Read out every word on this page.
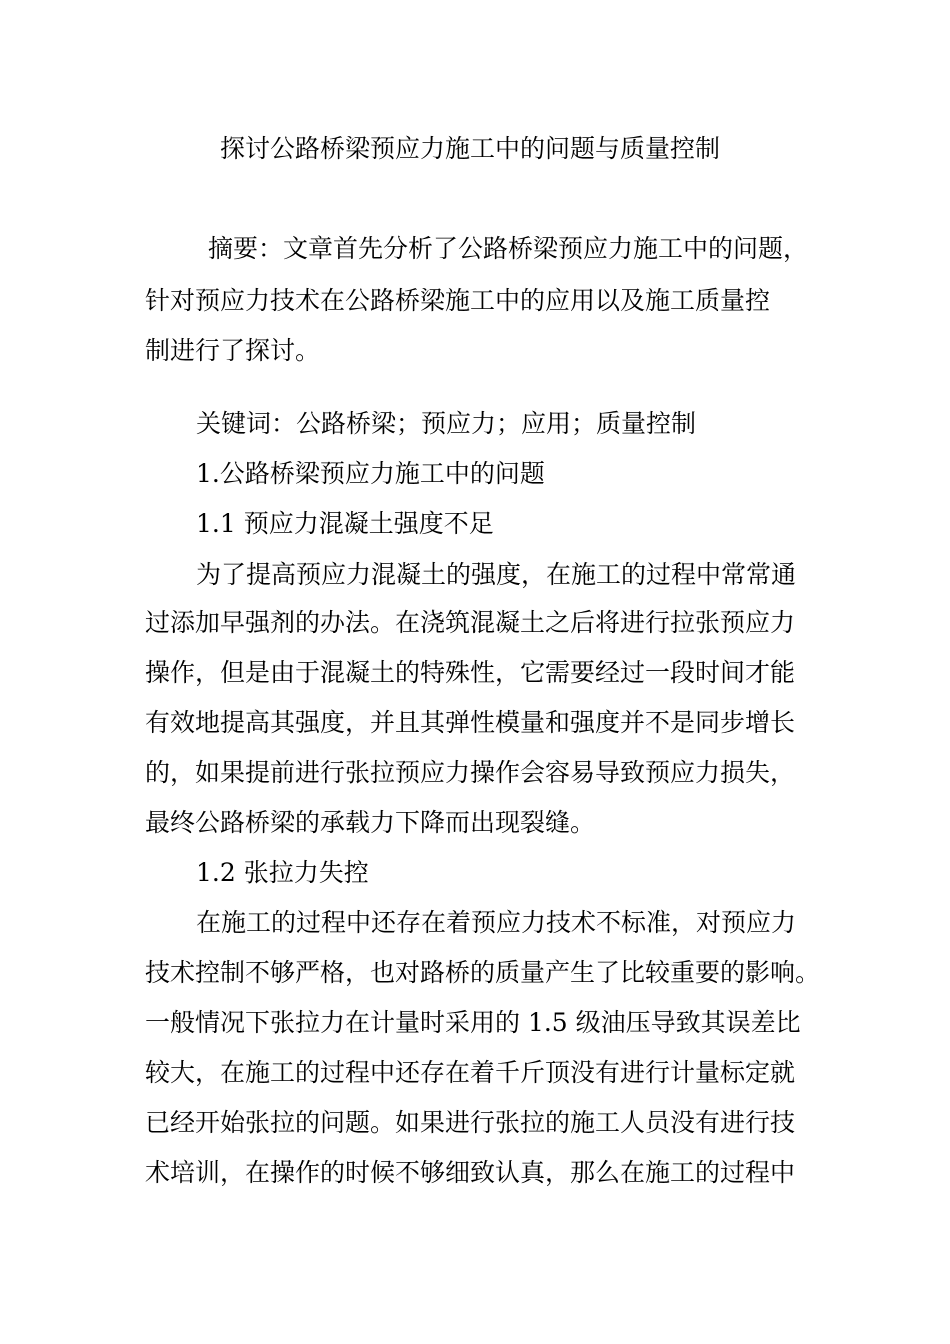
探讨公路桥梁预应力施工中的问题与质量控制

摘要：文章首先分析了公路桥梁预应力施工中的问题，

针对预应力技术在公路桥梁施工中的应用以及施工质量控

制进行了探讨。

关键词：公路桥梁；预应力；应用；质量控制

1.公路桥梁预应力施工中的问题
1.1 预应力混凝土强度不足

为了提高预应力混凝土的强度，在施工的过程中常常通

过添加早强剂的办法。在浇筑混凝土之后将进行拉张预应力

操作，但是由于混凝土的特殊性，它需要经过一段时间才能

有效地提高其强度，并且其弹性模量和强度并不是同步增长

的，如果提前进行张拉预应力操作会容易导致预应力损失，

最终公路桥梁的承载力下降而出现裂缝。

1.2 张拉力失控

在施工的过程中还存在着预应力技术不标准，对预应力

技术控制不够严格，也对路桥的质量产生了比较重要的影响。

一般情况下张拉力在计量时采用的 1.5 级油压导致其误差比

较大，在施工的过程中还存在着千斤顶没有进行计量标定就

已经开始张拉的问题。如果进行张拉的施工人员没有进行技

术培训，在操作的时候不够细致认真，那么在施工的过程中
